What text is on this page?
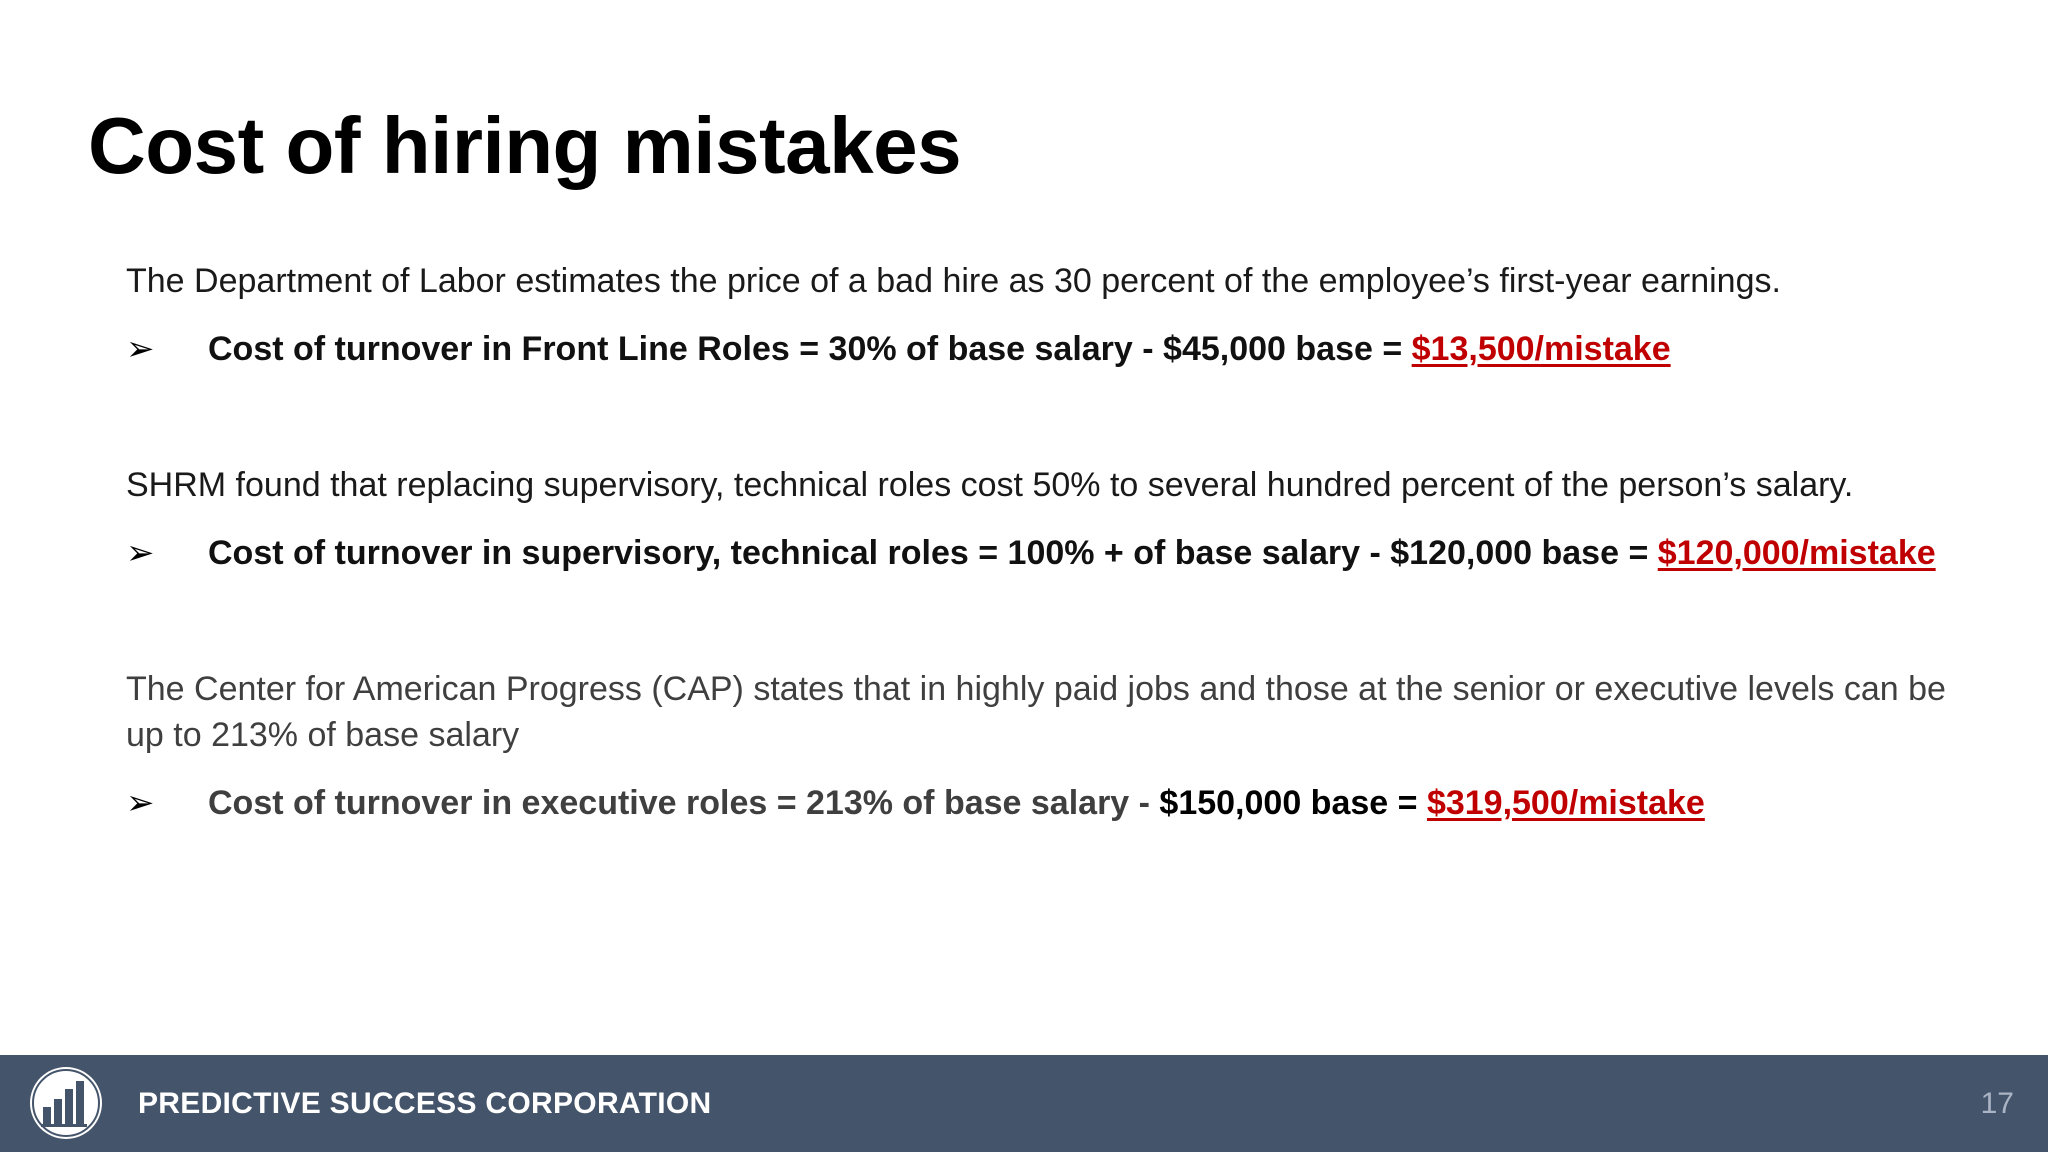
Cost of hiring mistakes

The Department of Labor estimates the price of a bad hire as 30 percent of the employee’s first-year earnings.

➢	Cost of turnover in Front Line Roles = 30% of base salary - $45,000 base = $13,500/mistake

SHRM found that replacing supervisory, technical roles cost 50% to several hundred percent of the person’s salary.

➢	Cost of turnover in supervisory, technical roles = 100% + of base salary - $120,000 base = $120,000/mistake

The Center for American Progress (CAP) states that in highly paid jobs and those at the senior or executive levels can be up to 213% of base salary

➢	Cost of turnover in executive roles = 213% of base salary - $150,000 base = $319,500/mistake
PREDICTIVE SUCCESS CORPORATION	17
